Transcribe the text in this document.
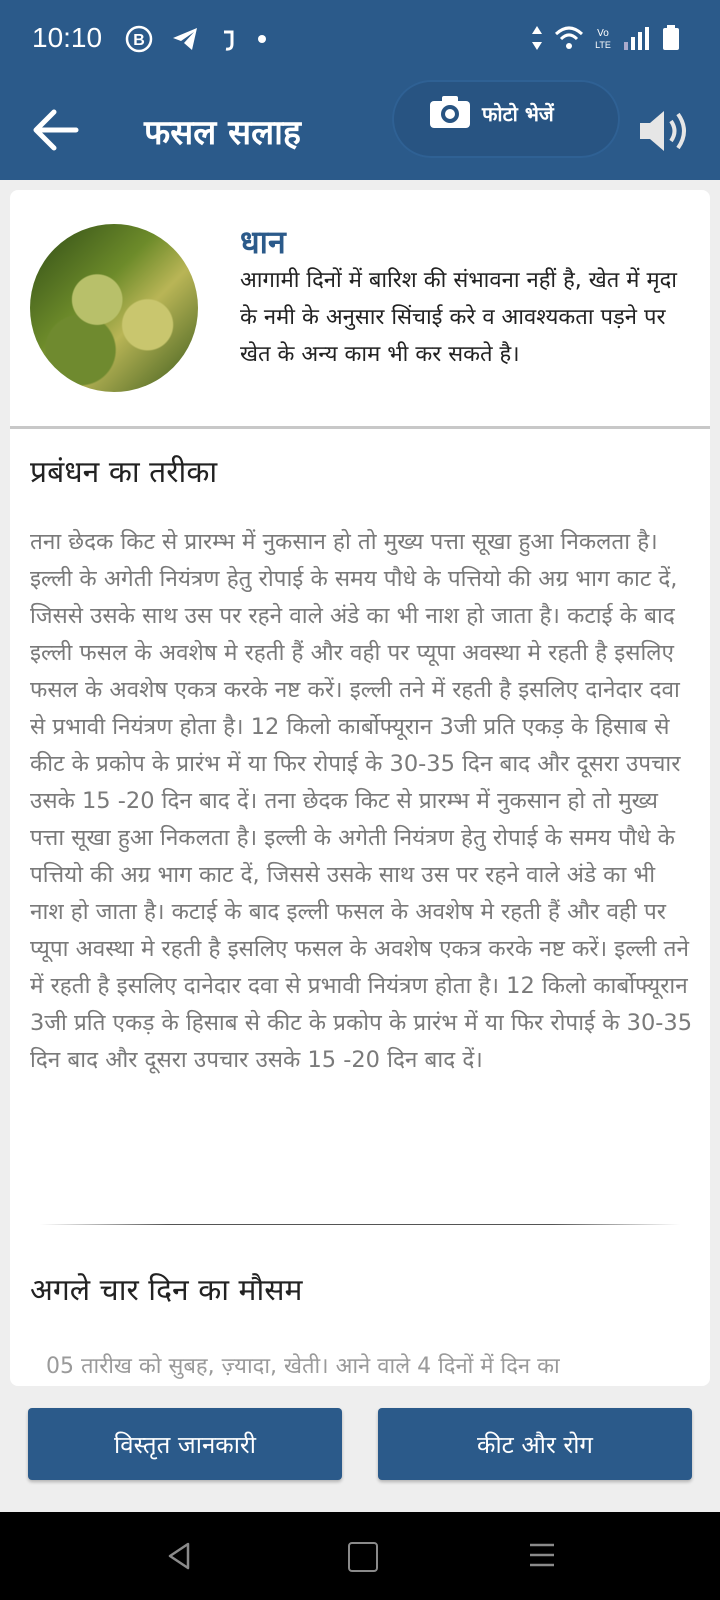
10:10 B	Vo
LTE
फसल सलाह	फोटो भेजें
धान
आगामी दिनों में बारिश की संभावना नहीं है, खेत में मृदा के नमी के अनुसार सिंचाई करे व आवश्यकता पड़ने पर खेत के अन्य काम भी कर सकते है।
प्रबंधन का तरीका
तना छेदक किट से प्रारम्भ में नुकसान हो तो मुख्य पत्ता सूखा हुआ निकलता है। इल्ली के अगेती नियंत्रण हेतु रोपाई के समय पौधे के पत्तियो की अग्र भाग काट दें, जिससे उसके साथ उस पर रहने वाले अंडे का भी नाश हो जाता है। कटाई के बाद इल्ली फसल के अवशेष मे रहती हैं और वही पर प्यूपा अवस्था मे रहती है इसलिए फसल के अवशेष एकत्र करके नष्ट करें। इल्ली तने में रहती है इसलिए दानेदार दवा से प्रभावी नियंत्रण होता है। 12 किलो कार्बोफ्यूरान 3जी प्रति एकड़ के हिसाब से कीट के प्रकोप के प्रारंभ में या फिर रोपाई के 30-35 दिन बाद और दूसरा उपचार उसके 15 -20 दिन बाद दें। तना छेदक किट से प्रारम्भ में नुकसान हो तो मुख्य पत्ता सूखा हुआ निकलता है। इल्ली के अगेती नियंत्रण हेतु रोपाई के समय पौधे के पत्तियो की अग्र भाग काट दें, जिससे उसके साथ उस पर रहने वाले अंडे का भी नाश हो जाता है। कटाई के बाद इल्ली फसल के अवशेष मे रहती हैं और वही पर प्यूपा अवस्था मे रहती है इसलिए फसल के अवशेष एकत्र करके नष्ट करें। इल्ली तने में रहती है इसलिए दानेदार दवा से प्रभावी नियंत्रण होता है। 12 किलो कार्बोफ्यूरान 3जी प्रति एकड़ के हिसाब से कीट के प्रकोप के प्रारंभ में या फिर रोपाई के 30-35 दिन बाद और दूसरा उपचार उसके 15 -20 दिन बाद दें।
अगले चार दिन का मौसम
05 तारीख को सुबह, ज़्यादा, खेती। आने वाले 4 दिनों में दिन का
विस्तृत जानकारी	कीट और रोग
